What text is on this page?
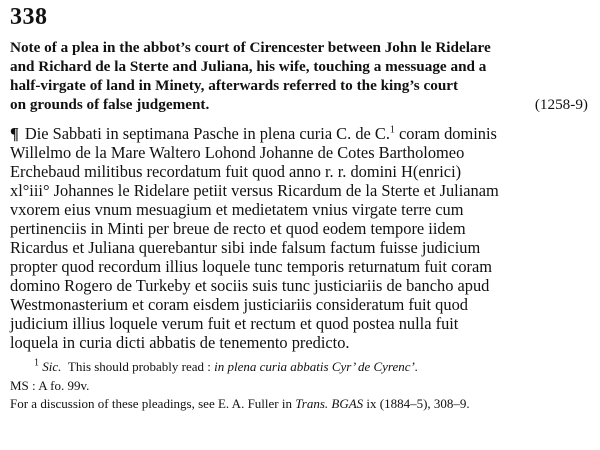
338
Note of a plea in the abbot’s court of Cirencester between John le Ridelare
and Richard de la Sterte and Juliana, his wife, touching a messuage and a
half-virgate of land in Minety, afterwards referred to the king’s court
on grounds of false judgement.	(1258-9)
¶ Die Sabbati in septimana Pasche in plena curia C. de C.$^1$ coram dominis
Willelmo de la Mare Waltero Lohond Johanne de Cotes Bartholomeo
Erchebaud militibus recordatum fuit quod anno r. r. domini H(enrici)
xl°iii° Johannes le Ridelare petiit versus Ricardum de la Sterte et Julianam
vxorem eius vnum mesuagium et medietatem vnius virgate terre cum
pertinenciis in Minti per breue de recto et quod eodem tempore iidem
Ricardus et Juliana querebantur sibi inde falsum factum fuisse judicium
propter quod recordum illius loquele tunc temporis returnatum fuit coram
domino Rogero de Turkeby et sociis suis tunc justiciariis de bancho apud
Westmonasterium et coram eisdem justiciariis consideratum fuit quod
judicium illius loquele verum fuit et rectum et quod postea nulla fuit
loquela in curia dicti abbatis de tenemento predicto.
$^1$ Sic. This should probably read : in plena curia abbatis Cyr’ de Cyrenc’.
MS : A fo. 99v.
For a discussion of these pleadings, see E. A. Fuller in Trans. BGAS ix (1884–5), 308–9.
